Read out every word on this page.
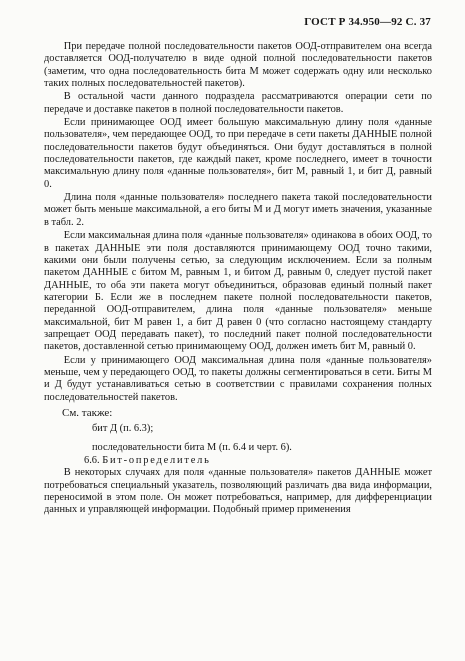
ГОСТ Р 34.950—92 С. 37

При передаче полной последовательности пакетов ООД-отправителем она всегда доставляется ООД-получателю в виде одной полной последовательности пакетов (заметим, что одна последовательность бита М может содержать одну или несколько таких полных последовательностей пакетов).

В остальной части данного подраздела рассматриваются операции сети по передаче и доставке пакетов в полной последовательности пакетов.

Если принимающее ООД имеет большую максимальную длину поля «данные пользователя», чем передающее ООД, то при передаче в сети пакеты ДАННЫЕ полной последовательности пакетов будут объединяться. Они будут доставляться в полной последовательности пакетов, где каждый пакет, кроме последнего, имеет в точности максимальную длину поля «данные пользователя», бит М, равный 1, и бит Д, равный 0.

Длина поля «данные пользователя» последнего пакета такой последовательности может быть меньше максимальной, а его биты М и Д могут иметь значения, указанные в табл. 2.

Если максимальная длина поля «данные пользователя» одинакова в обоих ООД, то в пакетах ДАННЫЕ эти поля доставляются принимающему ООД точно такими, какими они были получены сетью, за следующим исключением. Если за полным пакетом ДАННЫЕ с битом М, равным 1, и битом Д, равным 0, следует пустой пакет ДАННЫЕ, то оба эти пакета могут объединиться, образовав единый полный пакет категории Б. Если же в последнем пакете полной последовательности пакетов, переданной ООД-отправителем, длина поля «данные пользователя» меньше максимальной, бит М равен 1, а бит Д равен 0 (что согласно настоящему стандарту запрещает ООД передавать пакет), то последний пакет полной последовательности пакетов, доставленной сетью принимающему ООД, должен иметь бит М, равный 0.

Если у принимающего ООД максимальная длина поля «данные пользователя» меньше, чем у передающего ООД, то пакеты должны сегментироваться в сети. Биты М и Д будут устанавливаться сетью в соответствии с правилами сохранения полных последовательностей пакетов.

См. также:
бит Д (п. 6.3);
последовательности бита М (п. 6.4 и черт. 6).
6.6. Бит-определитель

В некоторых случаях для поля «данные пользователя» пакетов ДАННЫЕ может потребоваться специальный указатель, позволяющий различать два вида информации, переносимой в этом поле. Он может потребоваться, например, для дифференциации данных и управляющей информации. Подобный пример применения
